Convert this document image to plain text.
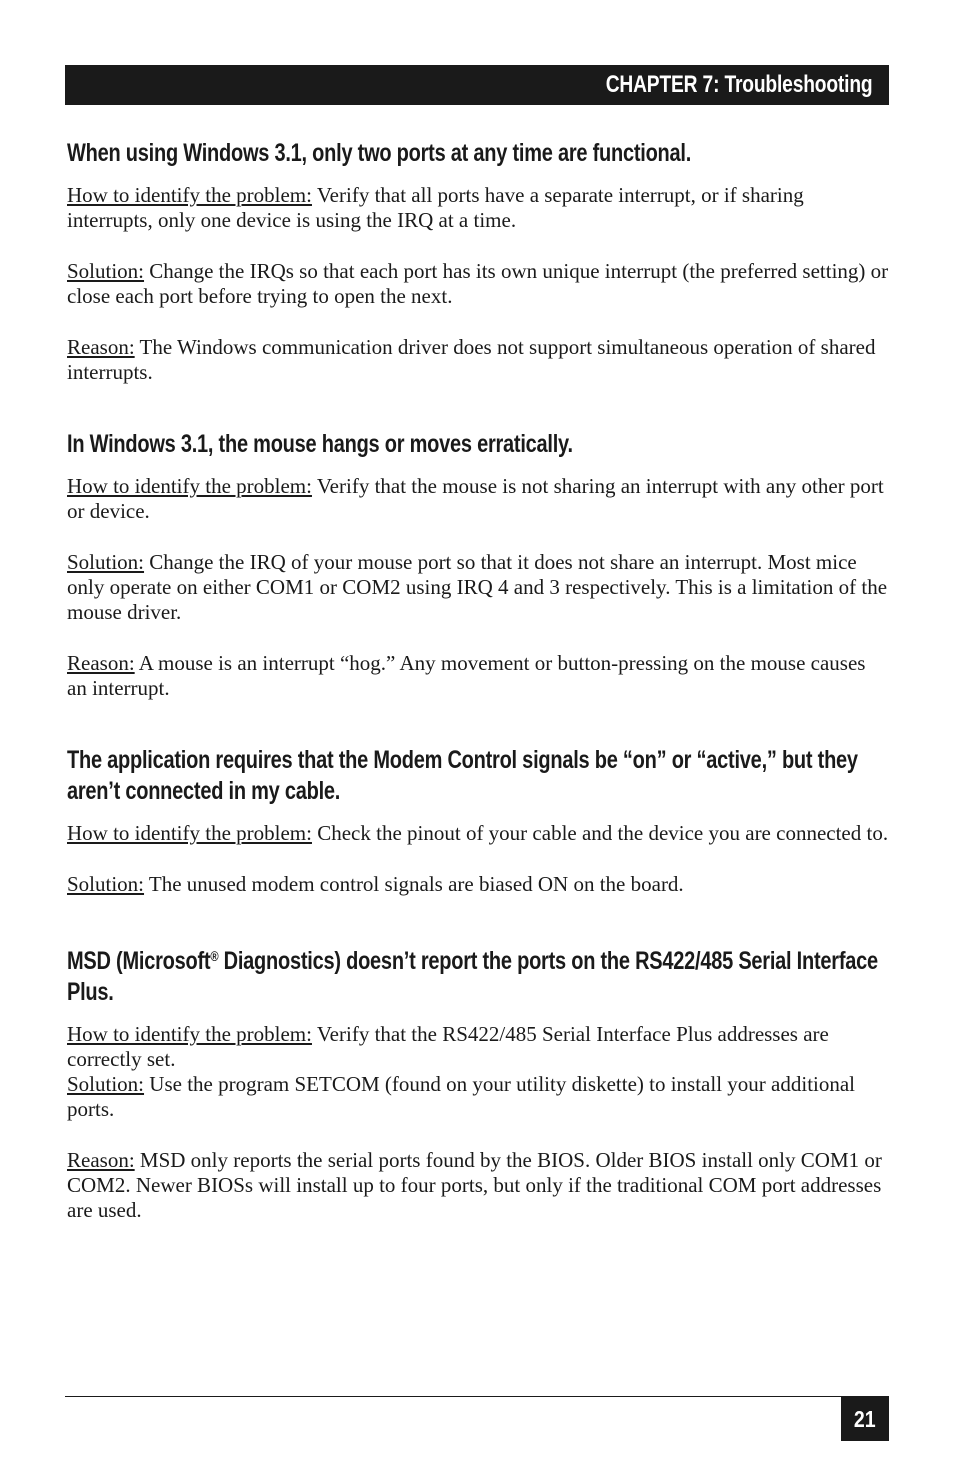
CHAPTER 7: Troubleshooting
When using Windows 3.1, only two ports at any time are functional.

How to identify the problem: Verify that all ports have a separate interrupt, or if sharing interrupts, only one device is using the IRQ at a time.

Solution: Change the IRQs so that each port has its own unique interrupt (the preferred setting) or close each port before trying to open the next.

Reason: The Windows communication driver does not support simultaneous operation of shared interrupts.

In Windows 3.1, the mouse hangs or moves erratically.

How to identify the problem: Verify that the mouse is not sharing an interrupt with any other port or device.

Solution: Change the IRQ of your mouse port so that it does not share an interrupt. Most mice only operate on either COM1 or COM2 using IRQ 4 and 3 respectively. This is a limitation of the mouse driver.

Reason: A mouse is an interrupt “hog.” Any movement or button-pressing on the mouse causes an interrupt.

The application requires that the Modem Control signals be “on” or “active,” but they aren’t connected in my cable.

How to identify the problem: Check the pinout of your cable and the device you are connected to.

Solution: The unused modem control signals are biased ON on the board.

MSD (Microsoft® Diagnostics) doesn’t report the ports on the RS422/485 Serial Interface Plus.

How to identify the problem: Verify that the RS422/485 Serial Interface Plus addresses are correctly set.

Solution: Use the program SETCOM (found on your utility diskette) to install your additional ports.

Reason: MSD only reports the serial ports found by the BIOS. Older BIOS install only COM1 or COM2. Newer BIOSs will install up to four ports, but only if the traditional COM port addresses are used.

21
